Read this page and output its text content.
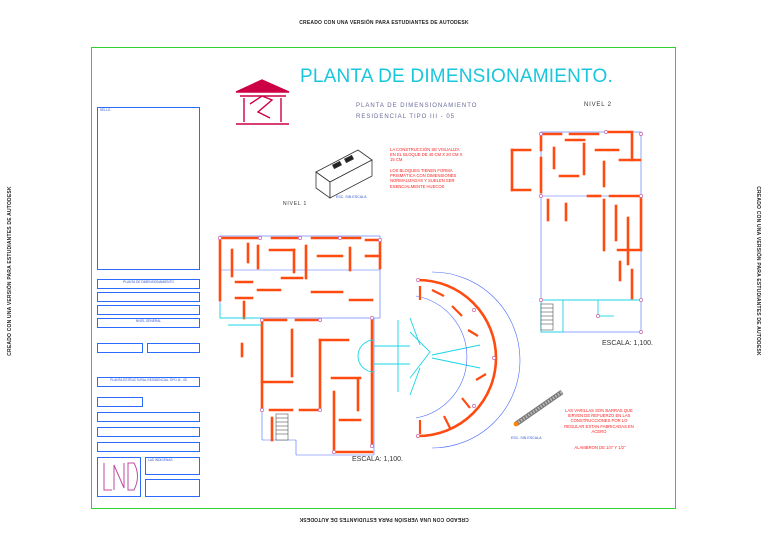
CREADO CON UNA VERSIÓN PARA ESTUDIANTES DE AUTODESK
CREADO CON UNA VERSIÓN PARA ESTUDIANTES DE AUTODESK
CREADO CON UNA VERSIÓN PARA ESTUDIANTES DE AUTODESK	CREADO CON UNA VERSIÓN PARA ESTUDIANTES DE AUTODESK
SELLO
PLANTA DE DIMENSIONAMIENTO
NIVEL GENERAL
PLANTA ESTRUCTURAL RESIDENCIAL TIPO III - 05
LAS INDIGENAS
PLANTA DE DIMENSIONAMIENTO.
PLANTA DE DIMENSIONAMIENTO
RESIDENCIAL TIPO III - 05
NIVEL 1
NIVEL 2
ESCALA: 1,100.
ESCALA: 1,100.
ESC. SIN ESCALA
ESC. SIN ESCALA
LA CONSTRUCCIÓN SE VISUALIZA EN EL BLOQUE DE 40 CM X 20 CM X 15 CM
LOS BLOQUES TIENEN FORMA PRISMÁTICA CON DIMENSIONES NORMALIZADAS Y SUELEN SER ESENCIALMENTE HUECOS
LAS VARILLAS SON BARRAS QUE SIRVEN DE REFUERZO EN LAS CONSTRUCCIONES POR LO REGULAR ESTAN FABRICADAS EN ACERO
ALAMBRON DE 1/4" Y 1/2"
